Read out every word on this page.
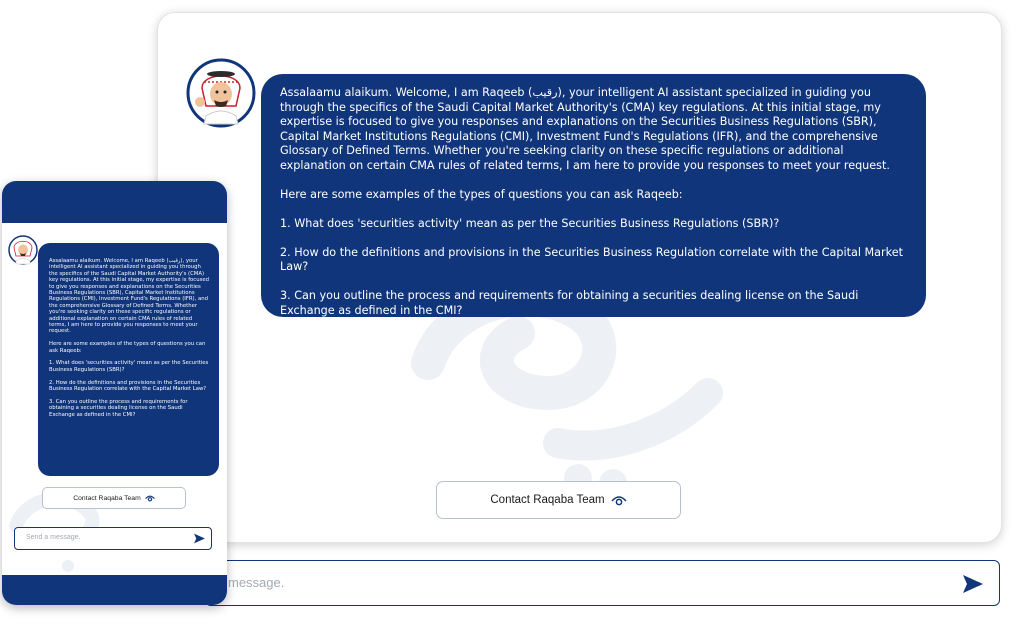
Assalaamu alaikum. Welcome, I am Raqeeb (رقيب), your intelligent AI assistant specialized in guiding you through the specifics of the Saudi Capital Market Authority's (CMA) key regulations. At this initial stage, my expertise is focused to give you responses and explanations on the Securities Business Regulations (SBR), Capital Market Institutions Regulations (CMI), Investment Fund's Regulations (IFR), and the comprehensive Glossary of Defined Terms. Whether you're seeking clarity on these specific regulations or additional explanation on certain CMA rules of related terms, I am here to provide you responses to meet your request.

Here are some examples of the types of questions you can ask Raqeeb:

1. What does 'securities activity' mean as per the Securities Business Regulations (SBR)?

2. How do the definitions and provisions in the Securities Business Regulation correlate with the Capital Market Law?

3. Can you outline the process and requirements for obtaining a securities dealing license on the Saudi Exchange as defined in the CMI?

Contact Raqaba Team
message.

Assalaamu alaikum. Welcome, I am Raqeeb (رقيب), your intelligent AI assistant specialized in guiding you through the specifics of the Saudi Capital Market Authority's (CMA) key regulations. At this initial stage, my expertise is focused to give you responses and explanations on the Securities Business Regulations (SBR), Capital Market Institutions Regulations (CMI), Investment Fund's Regulations (IFR), and the comprehensive Glossary of Defined Terms. Whether you're seeking clarity on these specific regulations or additional explanation on certain CMA rules of related terms, I am here to provide you responses to meet your request.

Here are some examples of the types of questions you can ask Raqeeb:

1. What does 'securities activity' mean as per the Securities Business Regulations (SBR)?

2. How do the definitions and provisions in the Securities Business Regulation correlate with the Capital Market Law?

3. Can you outline the process and requirements for obtaining a securities dealing license on the Saudi Exchange as defined in the CMI?

Contact Raqaba Team
Send a message.
